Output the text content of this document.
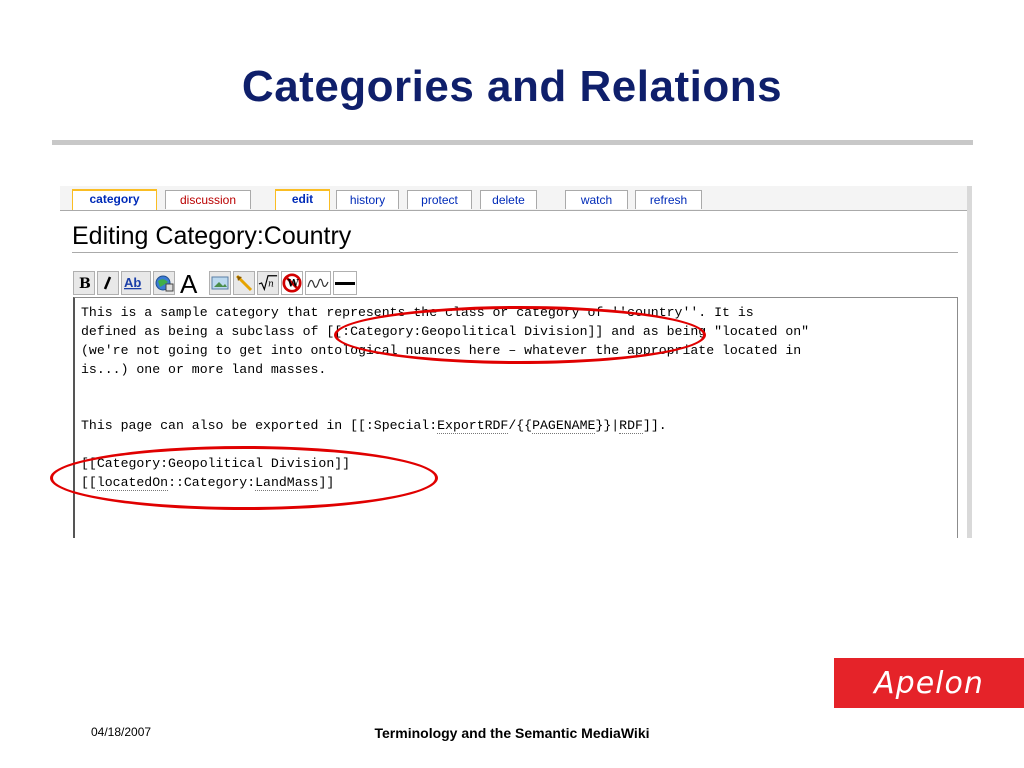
Categories and Relations
category	discussion	edit	history	protect	delete	watch	refresh
Editing Category:Country
B	Ab A	n W
This is a sample category that represents the class or category of ''country''. It is
defined as being a subclass of [[:Category:Geopolitical Division]] and as being "located on"
(we're not going to get into ontological nuances here – whatever the appropriate located in
is...) one or more land masses.
This page can also be exported in [[:Special:ExportRDF/{{PAGENAME}}|RDF]].
[[Category:Geopolitical Division]]
[[locatedOn::Category:LandMass]]
Apelon
04/18/2007	Terminology and the Semantic MediaWiki
